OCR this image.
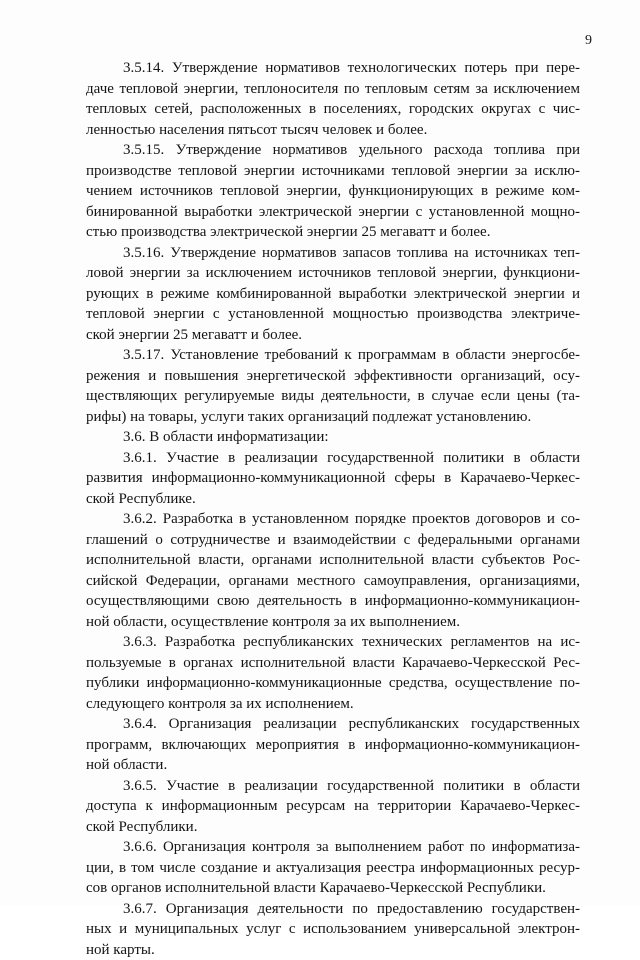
9
3.5.14. Утверждение нормативов технологических потерь при пере-
даче тепловой энергии, теплоносителя по тепловым сетям за исключением
тепловых сетей, расположенных в поселениях, городских округах с чис-
ленностью населения пятьсот тысяч человек и более.
3.5.15. Утверждение нормативов удельного расхода топлива при
производстве тепловой энергии источниками тепловой энергии за исклю-
чением источников тепловой энергии, функционирующих в режиме ком-
бинированной выработки электрической энергии с установленной мощно-
стью производства электрической энергии 25 мегаватт и более.
3.5.16. Утверждение нормативов запасов топлива на источниках теп-
ловой энергии за исключением источников тепловой энергии, функциони-
рующих в режиме комбинированной выработки электрической энергии и
тепловой энергии с установленной мощностью производства электриче-
ской энергии 25 мегаватт и более.
3.5.17. Установление требований к программам в области энергосбе-
режения и повышения энергетической эффективности организаций, осу-
ществляющих регулируемые виды деятельности, в случае если цены (та-
рифы) на товары, услуги таких организаций подлежат установлению.
3.6. В области информатизации:
3.6.1. Участие в реализации государственной политики в области
развития информационно-коммуникационной сферы в Карачаево-Черкес-
ской Республике.
3.6.2. Разработка в установленном порядке проектов договоров и со-
глашений о сотрудничестве и взаимодействии с федеральными органами
исполнительной власти, органами исполнительной власти субъектов Рос-
сийской Федерации, органами местного самоуправления, организациями,
осуществляющими свою деятельность в информационно-коммуникацион-
ной области, осуществление контроля за их выполнением.
3.6.3. Разработка республиканских технических регламентов на ис-
пользуемые в органах исполнительной власти Карачаево-Черкесской Рес-
публики информационно-коммуникационные средства, осуществление по-
следующего контроля за их исполнением.
3.6.4. Организация реализации республиканских государственных
программ, включающих мероприятия в информационно-коммуникацион-
ной области.
3.6.5. Участие в реализации государственной политики в области
доступа к информационным ресурсам на территории Карачаево-Черкес-
ской Республики.
3.6.6. Организация контроля за выполнением работ по информатиза-
ции, в том числе создание и актуализация реестра информационных ресур-
сов органов исполнительной власти Карачаево-Черкесской Республики.
3.6.7. Организация деятельности по предоставлению государствен-
ных и муниципальных услуг с использованием универсальной электрон-
ной карты.
